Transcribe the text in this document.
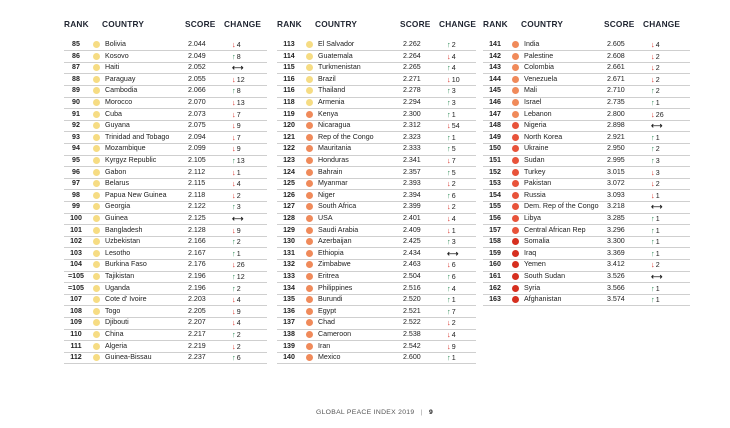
RANK COUNTRY	SCORE CHANGE
85	Bolivia	2.044	↓4
86	Kosovo	2.049	↑8
87	Haiti	2.052	⟷
88	Paraguay	2.055	↓12
89	Cambodia	2.066	↑8
90	Morocco	2.070	↓13
91	Cuba	2.073	↓7
92	Guyana	2.075	↓9
93	Trinidad and Tobago	2.094	↓7
94	Mozambique	2.099	↓9
95	Kyrgyz Republic	2.105	↑13
96	Gabon	2.112	↓1
97	Belarus	2.115	↓4
98	Papua New Guinea	2.118	↓2
99	Georgia	2.122	↑3
100	Guinea	2.125	⟷
101	Bangladesh	2.128	↓9
102	Uzbekistan	2.166	↑2
103	Lesotho	2.167	↑1
104	Burkina Faso	2.176	↓26
=105	Tajikistan	2.196	↑12
=105	Uganda	2.196	↑2
107	Cote d' Ivoire	2.203	↓4
108	Togo	2.205	↓9
109	Djibouti	2.207	↓4
110	China	2.217	↑2
111	Algeria	2.219	↓2
112	Guinea-Bissau	2.237	↑6
RANK COUNTRY	SCORE CHANGE
113	El Salvador	2.262	↑2
114	Guatemala	2.264	↓4
115	Turkmenistan	2.265	↑4
116	Brazil	2.271	↓10
116	Thailand	2.278	↑3
118	Armenia	2.294	↑3
119	Kenya	2.300	↑1
120	Nicaragua	2.312	↓54
121	Rep of the Congo	2.323	↑1
122	Mauritania	2.333	↑5
123	Honduras	2.341	↓7
124	Bahrain	2.357	↑5
125	Myanmar	2.393	↓2
126	Niger	2.394	↑6
127	South Africa	2.399	↓2
128	USA	2.401	↓4
129	Saudi Arabia	2.409	↓1
130	Azerbaijan	2.425	↑3
131	Ethiopia	2.434	⟷
132	Zimbabwe	2.463	↓6
133	Eritrea	2.504	↑6
134	Philippines	2.516	↑4
135	Burundi	2.520	↑1
136	Egypt	2.521	↑7
137	Chad	2.522	↓2
138	Cameroon	2.538	↓4
139	Iran	2.542	↓9
140	Mexico	2.600	↑1
RANK COUNTRY	SCORE CHANGE
141	India	2.605	↓4
142	Palestine	2.608	↓2
143	Colombia	2.661	↓2
144	Venezuela	2.671	↓2
145	Mali	2.710	↑2
146	Israel	2.735	↑1
147	Lebanon	2.800	↓26
148	Nigeria	2.898	⟷
149	North Korea	2.921	↑1
150	Ukraine	2.950	↑2
151	Sudan	2.995	↑3
152	Turkey	3.015	↓3
153	Pakistan	3.072	↓2
154	Russia	3.093	↓1
155	Dem. Rep of the Congo 3.218	⟷
156	Libya	3.285	↑1
157	Central African Rep	3.296	↑1
158	Somalia	3.300	↑1
159	Iraq	3.369	↑1
160	Yemen	3.412	↓2
161	South Sudan	3.526	⟷
162	Syria	3.566	↑1
163	Afghanistan	3.574	↑1
GLOBAL PEACE INDEX 2019 | 9
